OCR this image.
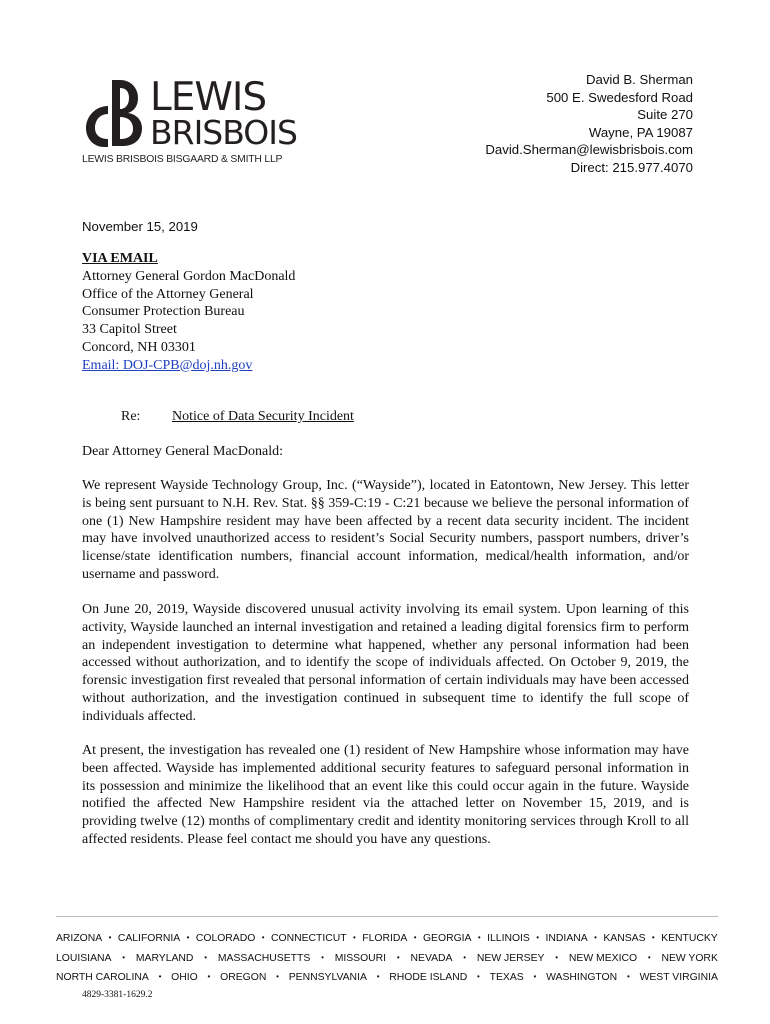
LEWIS
BRISBOIS
LEWIS BRISBOIS BISGAARD & SMITH LLP
David B. Sherman
500 E. Swedesford Road
Suite 270
Wayne, PA 19087
David.Sherman@lewisbrisbois.com
Direct: 215.977.4070
November 15, 2019
VIA EMAIL
Attorney General Gordon MacDonald
Office of the Attorney General
Consumer Protection Bureau
33 Capitol Street
Concord, NH 03301
Email: DOJ-CPB@doj.nh.gov
Re: Notice of Data Security Incident
Dear Attorney General MacDonald:

We represent Wayside Technology Group, Inc. (“Wayside”), located in Eatontown, New Jersey. This letter is being sent pursuant to N.H. Rev. Stat. §§ 359-C:19 - C:21 because we believe the personal information of one (1) New Hampshire resident may have been affected by a recent data security incident. The incident may have involved unauthorized access to resident’s Social Security numbers, passport numbers, driver’s license/state identification numbers, financial account information, medical/health information, and/or username and password.

On June 20, 2019, Wayside discovered unusual activity involving its email system. Upon learning of this activity, Wayside launched an internal investigation and retained a leading digital forensics firm to perform an independent investigation to determine what happened, whether any personal information had been accessed without authorization, and to identify the scope of individuals affected. On October 9, 2019, the forensic investigation first revealed that personal information of certain individuals may have been accessed without authorization, and the investigation continued in subsequent time to identify the full scope of individuals affected.

At present, the investigation has revealed one (1) resident of New Hampshire whose information may have been affected. Wayside has implemented additional security features to safeguard personal information in its possession and minimize the likelihood that an event like this could occur again in the future. Wayside notified the affected New Hampshire resident via the attached letter on November 15, 2019, and is providing twelve (12) months of complimentary credit and identity monitoring services through Kroll to all affected residents. Please feel contact me should you have any questions.

ARIZONA • CALIFORNIA • COLORADO • CONNECTICUT • FLORIDA • GEORGIA • ILLINOIS • INDIANA • KANSAS • KENTUCKY
LOUISIANA • MARYLAND • MASSACHUSETTS • MISSOURI • NEVADA • NEW JERSEY • NEW MEXICO • NEW YORK
NORTH CAROLINA • OHIO • OREGON • PENNSYLVANIA • RHODE ISLAND • TEXAS • WASHINGTON • WEST VIRGINIA
4829-3381-1629.2
